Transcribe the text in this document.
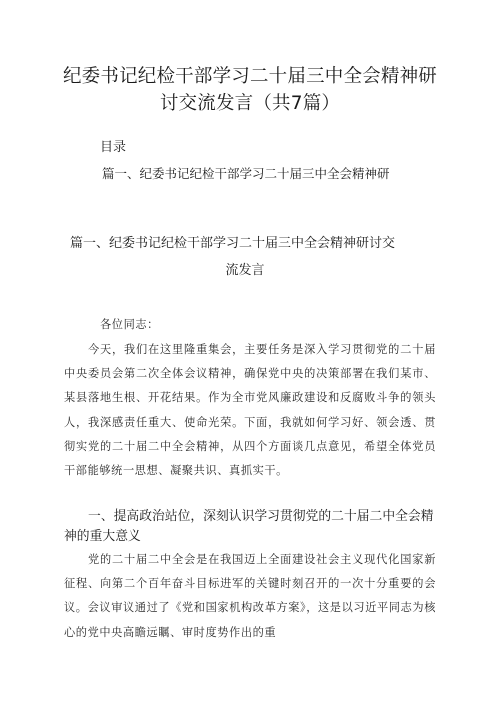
纪委书记纪检干部学习二十届三中全会精神研讨交流发言（共7篇）
目录
篇一、纪委书记纪检干部学习二十届三中全会精神研
篇一、纪委书记纪检干部学习二十届三中全会精神研讨交
流发言
各位同志：
今天，我们在这里隆重集会，主要任务是深入学习贯彻党的二十届中央委员会第二次全体会议精神，确保党中央的决策部署在我们某市、某县落地生根、开花结果。作为全市党风廉政建设和反腐败斗争的领头人，我深感责任重大、使命光荣。下面，我就如何学习好、领会透、贯彻实党的二十届二中全会精神，从四个方面谈几点意见，希望全体党员干部能够统一思想、凝聚共识、真抓实干。
一、提高政治站位，深刻认识学习贯彻党的二十届二中全会精神的重大意义
党的二十届二中全会是在我国迈上全面建设社会主义现代化国家新征程、向第二个百年奋斗目标进军的关键时刻召开的一次十分重要的会议。会议审议通过了《党和国家机构改革方案》，这是以习近平同志为核心的党中央高瞻远瞩、审时度势作出的重
